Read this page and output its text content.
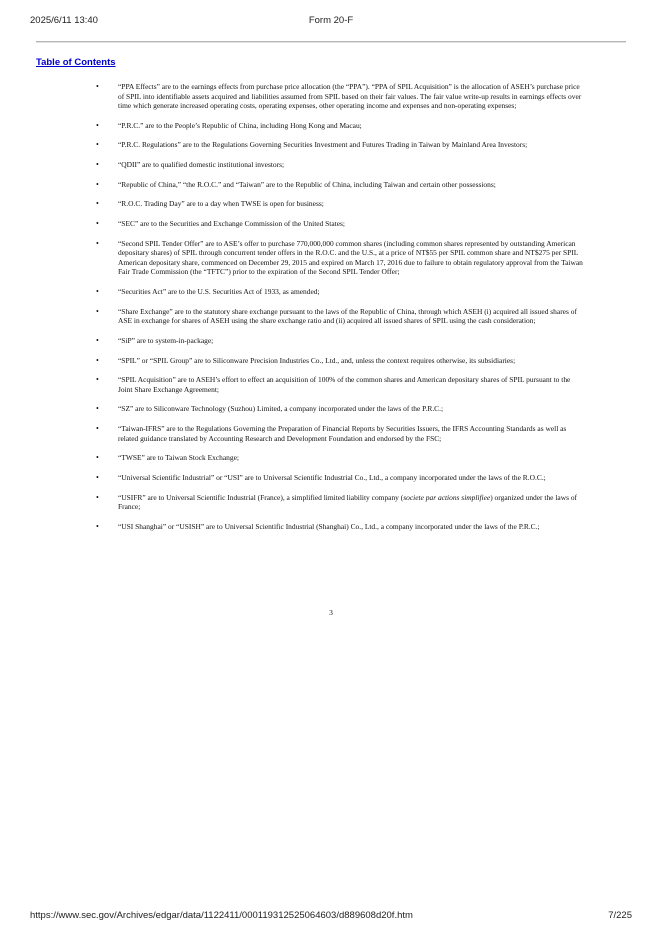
2025/6/11 13:40	Form 20-F
Table of Contents
•	“PPA Effects” are to the earnings effects from purchase price allocation (the “PPA”). “PPA of SPIL Acquisition” is the allocation of ASEH’s purchase price of SPIL into identifiable assets acquired and liabilities assumed from SPIL based on their fair values. The fair value write-up results in earnings effects over time which generate increased operating costs, operating expenses, other operating income and expenses and non-operating expenses;
•	“P.R.C.” are to the People’s Republic of China, including Hong Kong and Macau;
•	“P.R.C. Regulations” are to the Regulations Governing Securities Investment and Futures Trading in Taiwan by Mainland Area Investors;
•	“QDII” are to qualified domestic institutional investors;
•	“Republic of China,” “the R.O.C.” and “Taiwan” are to the Republic of China, including Taiwan and certain other possessions;
•	“R.O.C. Trading Day” are to a day when TWSE is open for business;
•	“SEC” are to the Securities and Exchange Commission of the United States;
•	“Second SPIL Tender Offer” are to ASE’s offer to purchase 770,000,000 common shares (including common shares represented by outstanding American depositary shares) of SPIL through concurrent tender offers in the R.O.C. and the U.S., at a price of NT$55 per SPIL common share and NT$275 per SPIL American depositary share, commenced on December 29, 2015 and expired on March 17, 2016 due to failure to obtain regulatory approval from the Taiwan Fair Trade Commission (the “TFTC”) prior to the expiration of the Second SPIL Tender Offer;
•	“Securities Act” are to the U.S. Securities Act of 1933, as amended;
•	“Share Exchange” are to the statutory share exchange pursuant to the laws of the Republic of China, through which ASEH (i) acquired all issued shares of ASE in exchange for shares of ASEH using the share exchange ratio and (ii) acquired all issued shares of SPIL using the cash consideration;
•	“SiP” are to system-in-package;
•	“SPIL” or “SPIL Group” are to Siliconware Precision Industries Co., Ltd., and, unless the context requires otherwise, its subsidiaries;
•	“SPIL Acquisition” are to ASEH’s effort to effect an acquisition of 100% of the common shares and American depositary shares of SPIL pursuant to the Joint Share Exchange Agreement;
•	“SZ” are to Siliconware Technology (Suzhou) Limited, a company incorporated under the laws of the P.R.C.;
•	“Taiwan-IFRS” are to the Regulations Governing the Preparation of Financial Reports by Securities Issuers, the IFRS Accounting Standards as well as related guidance translated by Accounting Research and Development Foundation and endorsed by the FSC;
•	“TWSE” are to Taiwan Stock Exchange;
•	“Universal Scientific Industrial” or “USI” are to Universal Scientific Industrial Co., Ltd., a company incorporated under the laws of the R.O.C.;
•	“USIFR” are to Universal Scientific Industrial (France), a simplified limited liability company (societe par actions simplifiee) organized under the laws of France;
•	“USI Shanghai” or “USISH” are to Universal Scientific Industrial (Shanghai) Co., Ltd., a company incorporated under the laws of the P.R.C.;
3
https://www.sec.gov/Archives/edgar/data/1122411/000119312525064603/d889608d20f.htm	7/225
